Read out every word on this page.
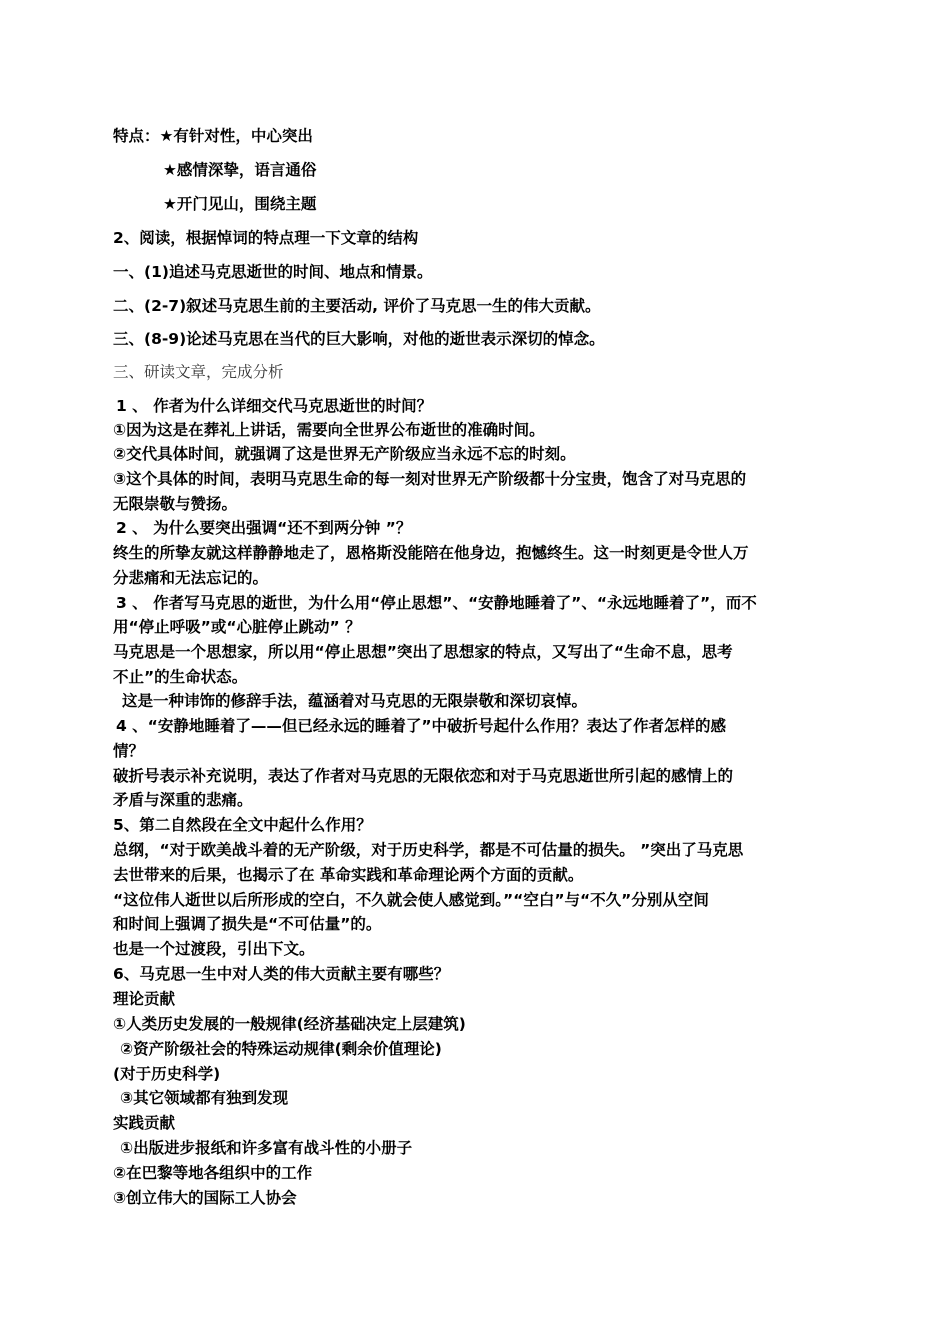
特点：★有针对性，中心突出

★感情深挚，语言通俗

★开门见山，围绕主题

2、阅读，根据悼词的特点理一下文章的结构

一、(1)追述马克思逝世的时间、地点和情景。

二、(2-7)叙述马克思生前的主要活动, 评价了马克思一生的伟大贡献。

三、(8-9)论述马克思在当代的巨大影响，对他的逝世表示深切的悼念。

三、研读文章，完成分析

1 、 作者为什么详细交代马克思逝世的时间？

①因为这是在葬礼上讲话，需要向全世界公布逝世的准确时间。

②交代具体时间，就强调了这是世界无产阶级应当永远不忘的时刻。

③这个具体的时间，表明马克思生命的每一刻对世界无产阶级都十分宝贵，饱含了对马克思的

无限崇敬与赞扬。

2 、 为什么要突出强调“还不到两分钟 ”？

终生的所挚友就这样静静地走了，恩格斯没能陪在他身边，抱憾终生。这一时刻更是令世人万

分悲痛和无法忘记的。

3 、 作者写马克思的逝世，为什么用“停止思想”、“安静地睡着了”、“永远地睡着了”，而不

用“停止呼吸”或“心脏停止跳动” ？

马克思是一个思想家，所以用“停止思想”突出了思想家的特点，又写出了“生命不息，思考

不止”的生命状态。

这是一种讳饰的修辞手法，蕴涵着对马克思的无限崇敬和深切哀悼。

4 、“安静地睡着了——但已经永远的睡着了”中破折号起什么作用？表达了作者怎样的感

情？

破折号表示补充说明，表达了作者对马克思的无限依恋和对于马克思逝世所引起的感情上的

矛盾与深重的悲痛。

5、第二自然段在全文中起什么作用？

总纲，“对于欧美战斗着的无产阶级，对于历史科学，都是不可估量的损失。 ”突出了马克思

去世带来的后果，也揭示了在 革命实践和革命理论两个方面的贡献。

“这位伟人逝世以后所形成的空白，不久就会使人感觉到。”“空白”与“不久”分别从空间

和时间上强调了损失是“不可估量”的。

也是一个过渡段，引出下文。

6、马克思一生中对人类的伟大贡献主要有哪些？

理论贡献

①人类历史发展的一般规律(经济基础决定上层建筑)

②资产阶级社会的特殊运动规律(剩余价值理论)

(对于历史科学)

③其它领域都有独到发现

实践贡献

①出版进步报纸和许多富有战斗性的小册子

②在巴黎等地各组织中的工作

③创立伟大的国际工人协会
